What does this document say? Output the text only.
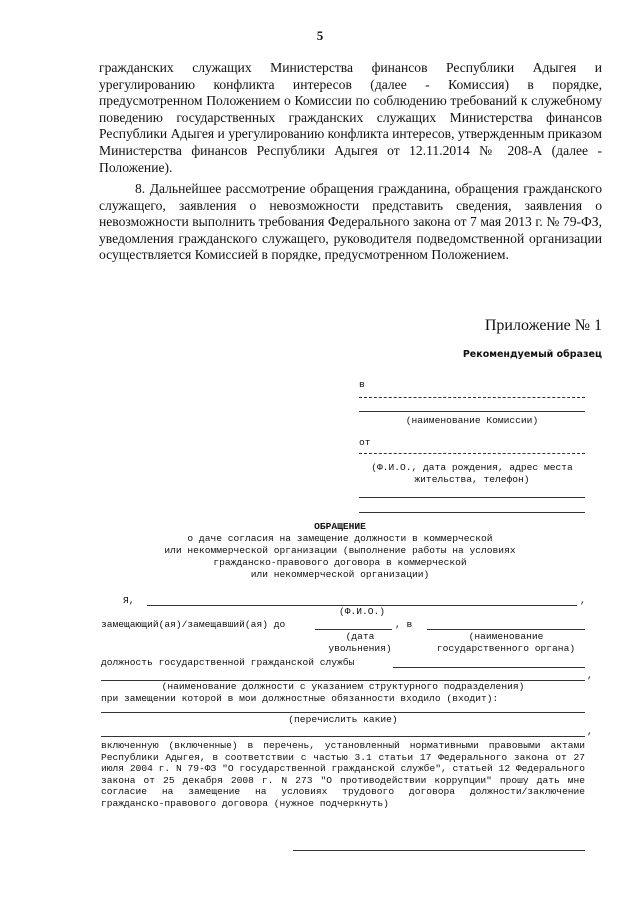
5

гражданских служащих Министерства финансов Республики Адыгея и урегулированию конфликта интересов (далее - Комиссия) в порядке, предусмотренном Положением о Комиссии по соблюдению требований к служебному поведению государственных гражданских служащих Министерства финансов Республики Адыгея и урегулированию конфликта интересов, утвержденным приказом Министерства финансов Республики Адыгея от 12.11.2014 № 208-А (далее - Положение).

8. Дальнейшее рассмотрение обращения гражданина, обращения гражданского служащего, заявления о невозможности представить сведения, заявления о невозможности выполнить требования Федерального закона от 7 мая 2013 г. № 79-ФЗ, уведомления гражданского служащего, руководителя подведомственной организации осуществляется Комиссией в порядке, предусмотренном Положением.

Приложение № 1
Рекомендуемый образец
в
(наименование Комиссии)
от
(Ф.И.О., дата рождения, адрес места
жительства, телефон)
ОБРАЩЕНИЕ
о даче согласия на замещение должности в коммерческой
или некоммерческой организации (выполнение работы на условиях
гражданско-правового договора в коммерческой
или некоммерческой организации)
Я,	,
(Ф.И.О.)
замещающий(ая)/замещавший(ая) до	, в
(дата
увольнения)
(наименование
государственного органа)
должность государственной гражданской службы
,
(наименование должности с указанием структурного подразделения)
при замещении которой в мои должностные обязанности входило (входит):
(перечислить какие)
,

включенную (включенные) в перечень, установленный нормативными правовыми актами Республики Адыгея, в соответствии с частью 3.1 статьи 17 Федерального закона от 27 июля 2004 г. N 79-ФЗ "О государственной гражданской службе", статьей 12 Федерального закона от 25 декабря 2008 г. N 273 "О противодействии коррупции" прошу дать мне согласие на замещение на условиях трудового договора должности/заключение гражданско-правового договора (нужное подчеркнуть)
